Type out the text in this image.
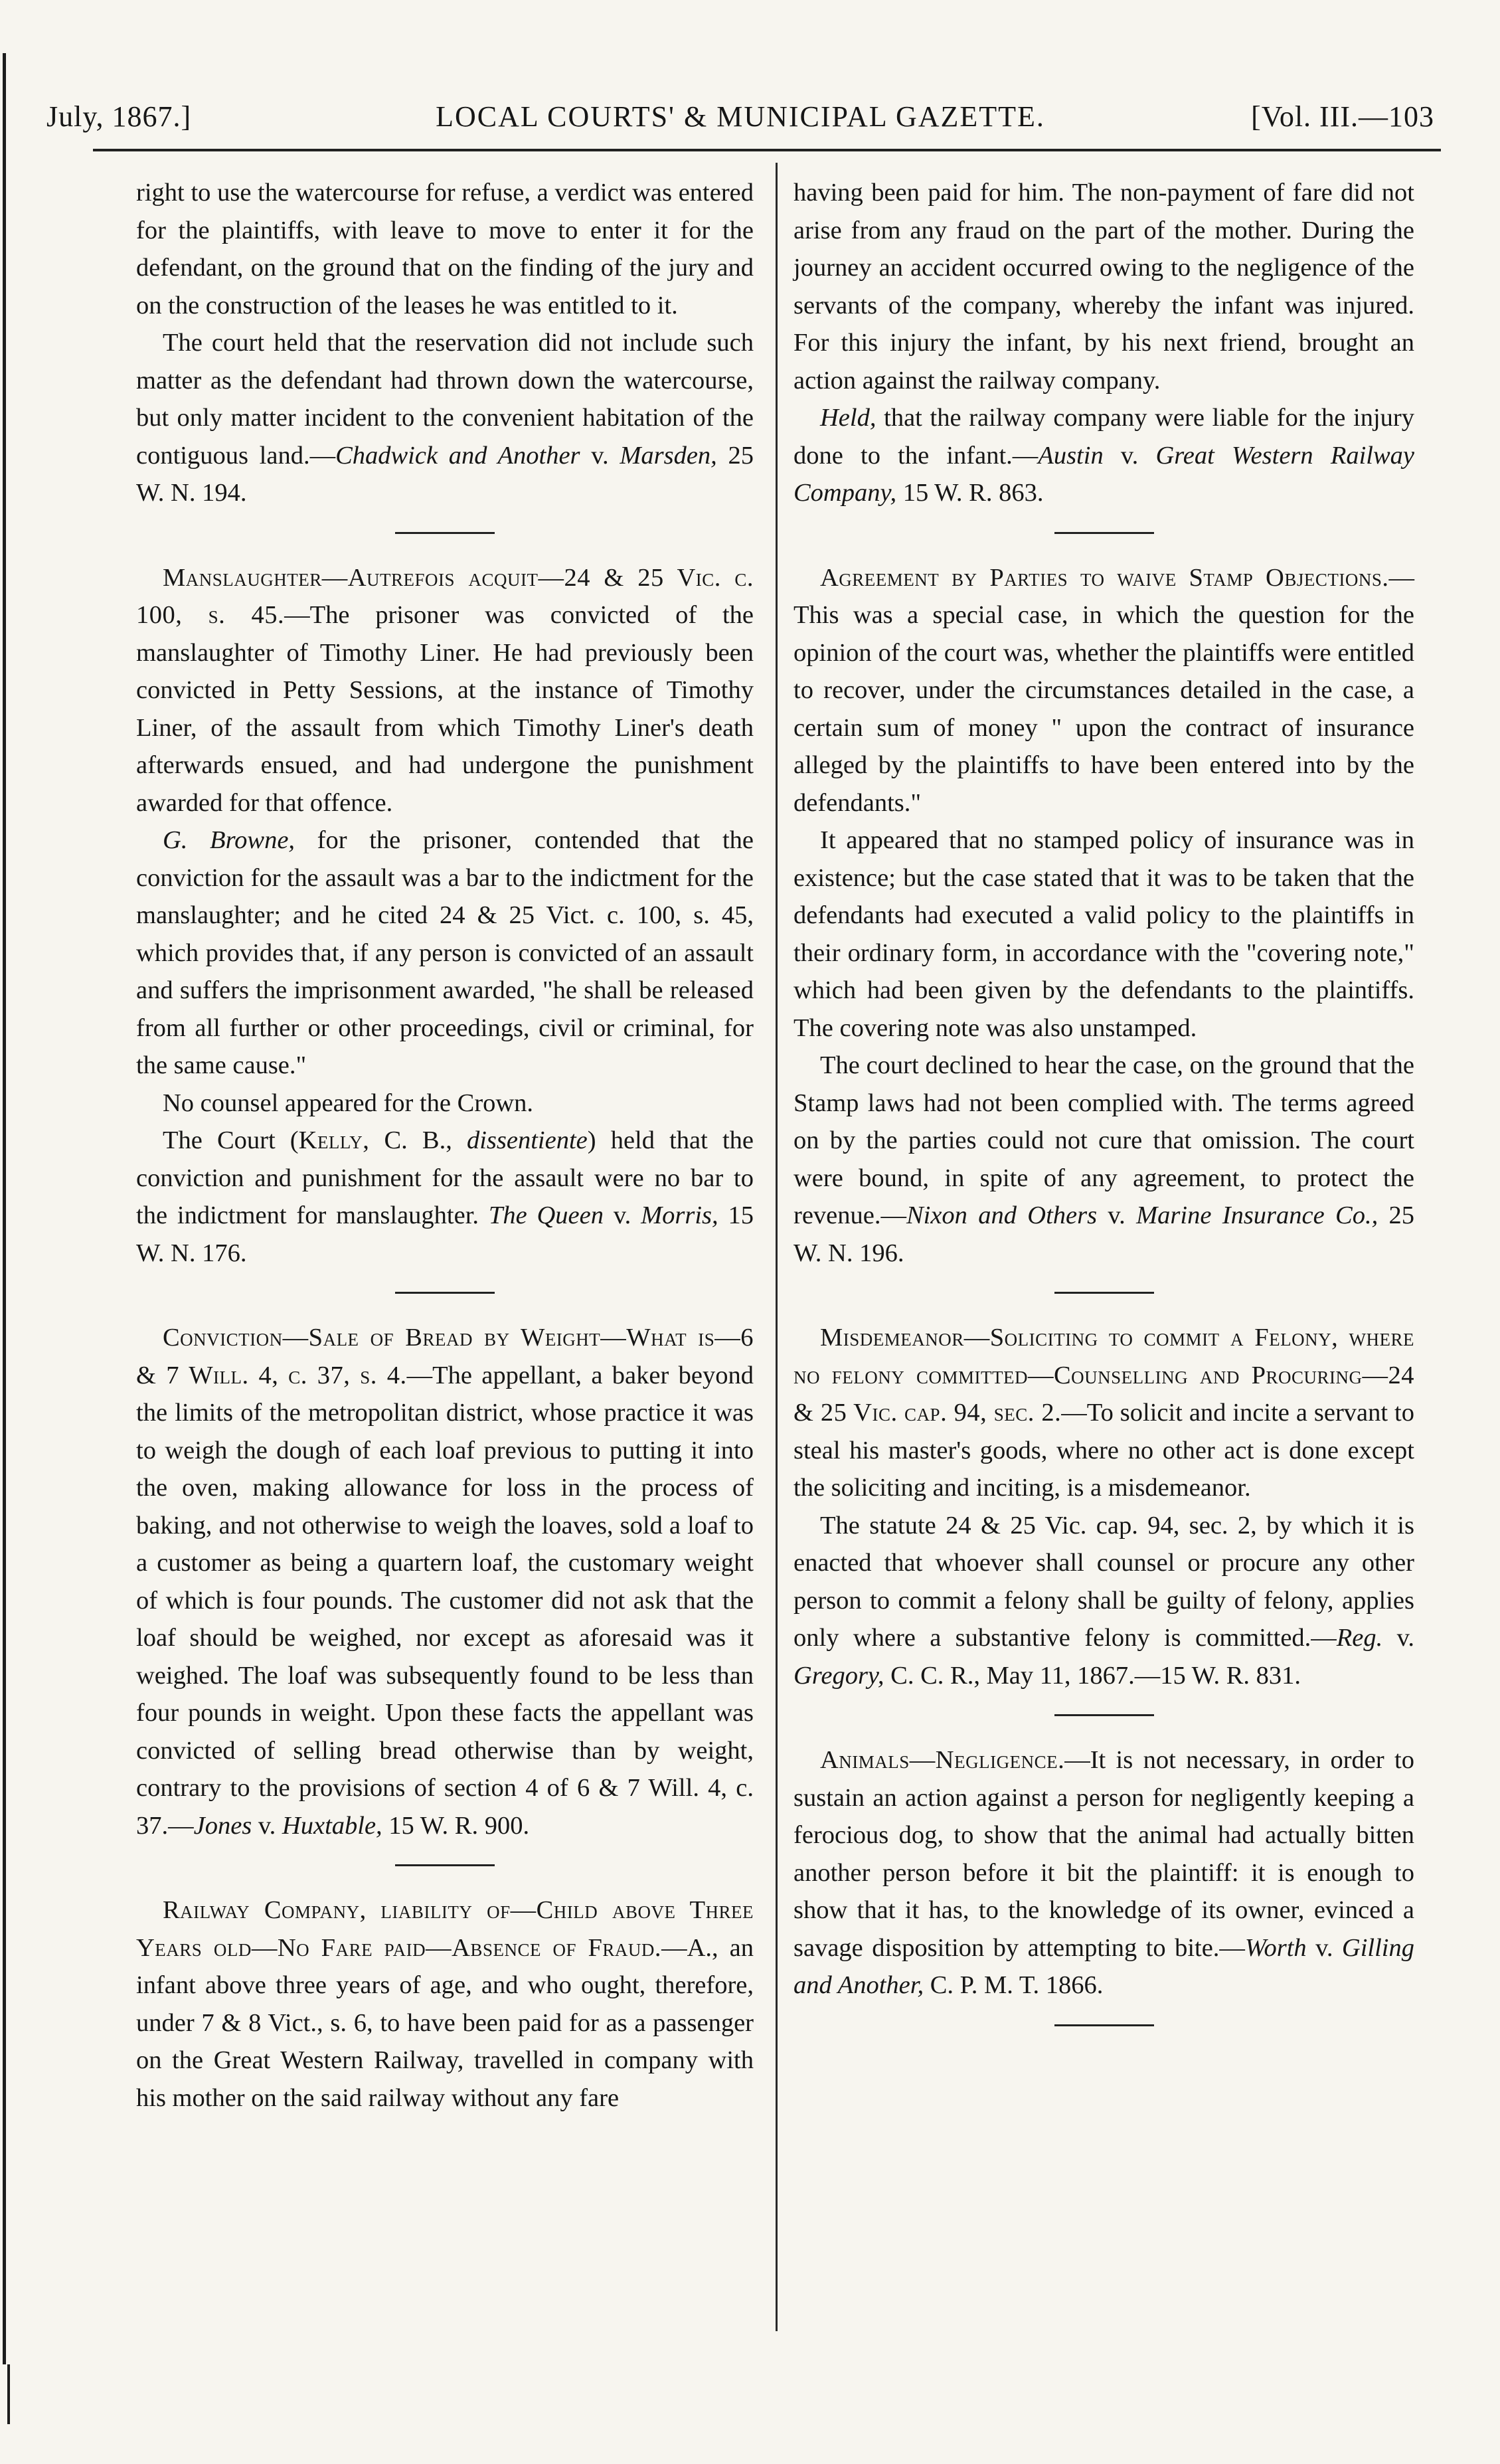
July, 1867.]	LOCAL COURTS' & MUNICIPAL GAZETTE.	[Vol. III.—103

right to use the watercourse for refuse, a verdict was entered for the plaintiffs, with leave to move to enter it for the defendant, on the ground that on the finding of the jury and on the construction of the leases he was entitled to it.

The court held that the reservation did not include such matter as the defendant had thrown down the watercourse, but only matter incident to the convenient habitation of the contiguous land.—Chadwick and Another v. Marsden, 25 W. N. 194.

Manslaughter—Autrefois acquit—24 & 25 Vic. c. 100, s. 45.—The prisoner was convicted of the manslaughter of Timothy Liner. He had previously been convicted in Petty Sessions, at the instance of Timothy Liner, of the assault from which Timothy Liner's death afterwards ensued, and had undergone the punishment awarded for that offence.

G. Browne, for the prisoner, contended that the conviction for the assault was a bar to the indictment for the manslaughter; and he cited 24 & 25 Vict. c. 100, s. 45, which provides that, if any person is convicted of an assault and suffers the imprisonment awarded, "he shall be released from all further or other proceedings, civil or criminal, for the same cause."

No counsel appeared for the Crown.

The Court (Kelly, C. B., dissentiente) held that the conviction and punishment for the assault were no bar to the indictment for manslaughter. The Queen v. Morris, 15 W. N. 176.

Conviction—Sale of Bread by Weight—What is—6 & 7 Will. 4, c. 37, s. 4.—The appellant, a baker beyond the limits of the metropolitan district, whose practice it was to weigh the dough of each loaf previous to putting it into the oven, making allowance for loss in the process of baking, and not otherwise to weigh the loaves, sold a loaf to a customer as being a quartern loaf, the customary weight of which is four pounds. The customer did not ask that the loaf should be weighed, nor except as aforesaid was it weighed. The loaf was subsequently found to be less than four pounds in weight. Upon these facts the appellant was convicted of selling bread otherwise than by weight, contrary to the provisions of section 4 of 6 & 7 Will. 4, c. 37.—Jones v. Huxtable, 15 W. R. 900.

Railway Company, liability of—Child above Three Years old—No Fare paid—Absence of Fraud.—A., an infant above three years of age, and who ought, therefore, under 7 & 8 Vict., s. 6, to have been paid for as a passenger on the Great Western Railway, travelled in company with his mother on the said railway without any fare

having been paid for him. The non-payment of fare did not arise from any fraud on the part of the mother. During the journey an accident occurred owing to the negligence of the servants of the company, whereby the infant was injured. For this injury the infant, by his next friend, brought an action against the railway company.

Held, that the railway company were liable for the injury done to the infant.—Austin v. Great Western Railway Company, 15 W. R. 863.

Agreement by Parties to waive Stamp Objections.—This was a special case, in which the question for the opinion of the court was, whether the plaintiffs were entitled to recover, under the circumstances detailed in the case, a certain sum of money " upon the contract of insurance alleged by the plaintiffs to have been entered into by the defendants."

It appeared that no stamped policy of insurance was in existence; but the case stated that it was to be taken that the defendants had executed a valid policy to the plaintiffs in their ordinary form, in accordance with the "covering note," which had been given by the defendants to the plaintiffs. The covering note was also unstamped.

The court declined to hear the case, on the ground that the Stamp laws had not been complied with. The terms agreed on by the parties could not cure that omission. The court were bound, in spite of any agreement, to protect the revenue.—Nixon and Others v. Marine Insurance Co., 25 W. N. 196.

Misdemeanor—Soliciting to commit a Felony, where no felony committed—Counselling and Procuring—24 & 25 Vic. cap. 94, sec. 2.—To solicit and incite a servant to steal his master's goods, where no other act is done except the soliciting and inciting, is a misdemeanor.

The statute 24 & 25 Vic. cap. 94, sec. 2, by which it is enacted that whoever shall counsel or procure any other person to commit a felony shall be guilty of felony, applies only where a substantive felony is committed.—Reg. v. Gregory, C. C. R., May 11, 1867.—15 W. R. 831.

Animals—Negligence.—It is not necessary, in order to sustain an action against a person for negligently keeping a ferocious dog, to show that the animal had actually bitten another person before it bit the plaintiff: it is enough to show that it has, to the knowledge of its owner, evinced a savage disposition by attempting to bite.—Worth v. Gilling and Another, C. P. M. T. 1866.
